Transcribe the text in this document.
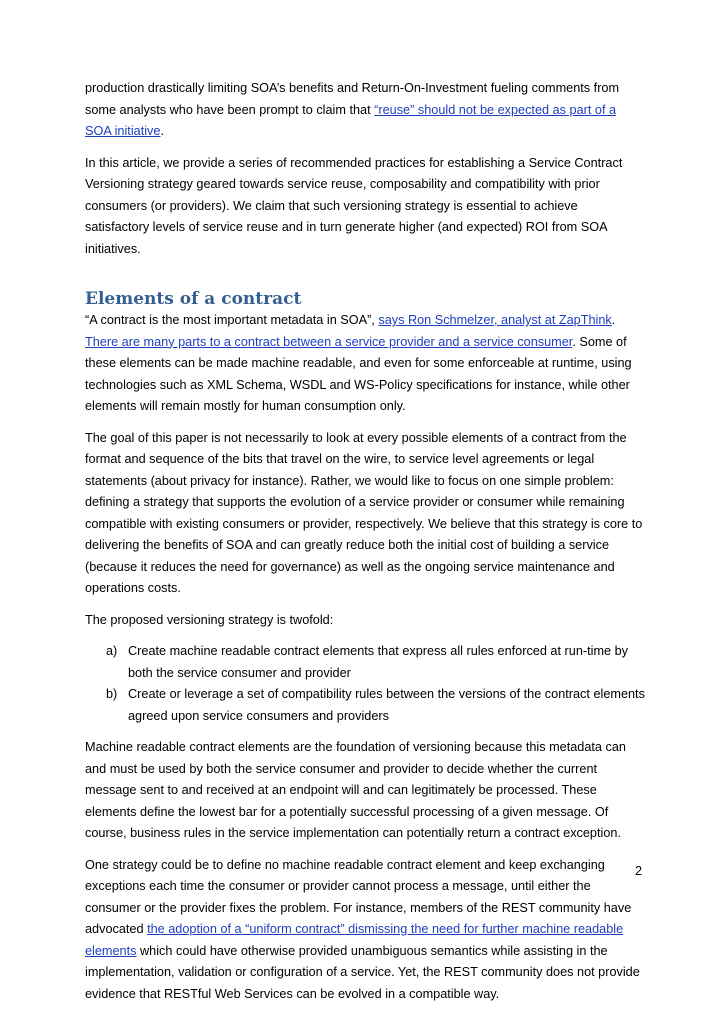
production drastically limiting SOA’s benefits and Return-On-Investment fueling comments from some analysts who have been prompt to claim that “reuse” should not be expected as part of a SOA initiative.

In this article, we provide a series of recommended practices for establishing a Service Contract Versioning strategy geared towards service reuse, composability and compatibility with prior consumers (or providers). We claim that such versioning strategy is essential to achieve satisfactory levels of service reuse and in turn generate higher (and expected) ROI from SOA initiatives.

Elements of a contract

“A contract is the most important metadata in SOA”, says Ron Schmelzer, analyst at ZapThink. There are many parts to a contract between a service provider and a service consumer. Some of these elements can be made machine readable, and even for some enforceable at runtime, using technologies such as XML Schema, WSDL and WS-Policy specifications for instance, while other elements will remain mostly for human consumption only.

The goal of this paper is not necessarily to look at every possible elements of a contract from the format and sequence of the bits that travel on the wire, to service level agreements or legal statements (about privacy for instance). Rather, we would like to focus on one simple problem: defining a strategy that supports the evolution of a service provider or consumer while remaining compatible with existing consumers or provider, respectively. We believe that this strategy is core to delivering the benefits of SOA and can greatly reduce both the initial cost of building a service (because it reduces the need for governance) as well as the ongoing service maintenance and operations costs.

The proposed versioning strategy is twofold:

a) Create machine readable contract elements that express all rules enforced at run-time by both the service consumer and provider
b) Create or leverage a set of compatibility rules between the versions of the contract elements agreed upon service consumers and providers

Machine readable contract elements are the foundation of versioning because this metadata can and must be used by both the service consumer and provider to decide whether the current message sent to and received at an endpoint will and can legitimately be processed. These elements define the lowest bar for a potentially successful processing of a given message. Of course, business rules in the service implementation can potentially return a contract exception.

One strategy could be to define no machine readable contract element and keep exchanging exceptions each time the consumer or provider cannot process a message, until either the consumer or the provider fixes the problem. For instance, members of the REST community have advocated the adoption of a “uniform contract” dismissing the need for further machine readable elements which could have otherwise provided unambiguous semantics while assisting in the implementation, validation or configuration of a service. Yet, the REST community does not provide evidence that RESTful Web Services can be evolved in a compatible way.

2
